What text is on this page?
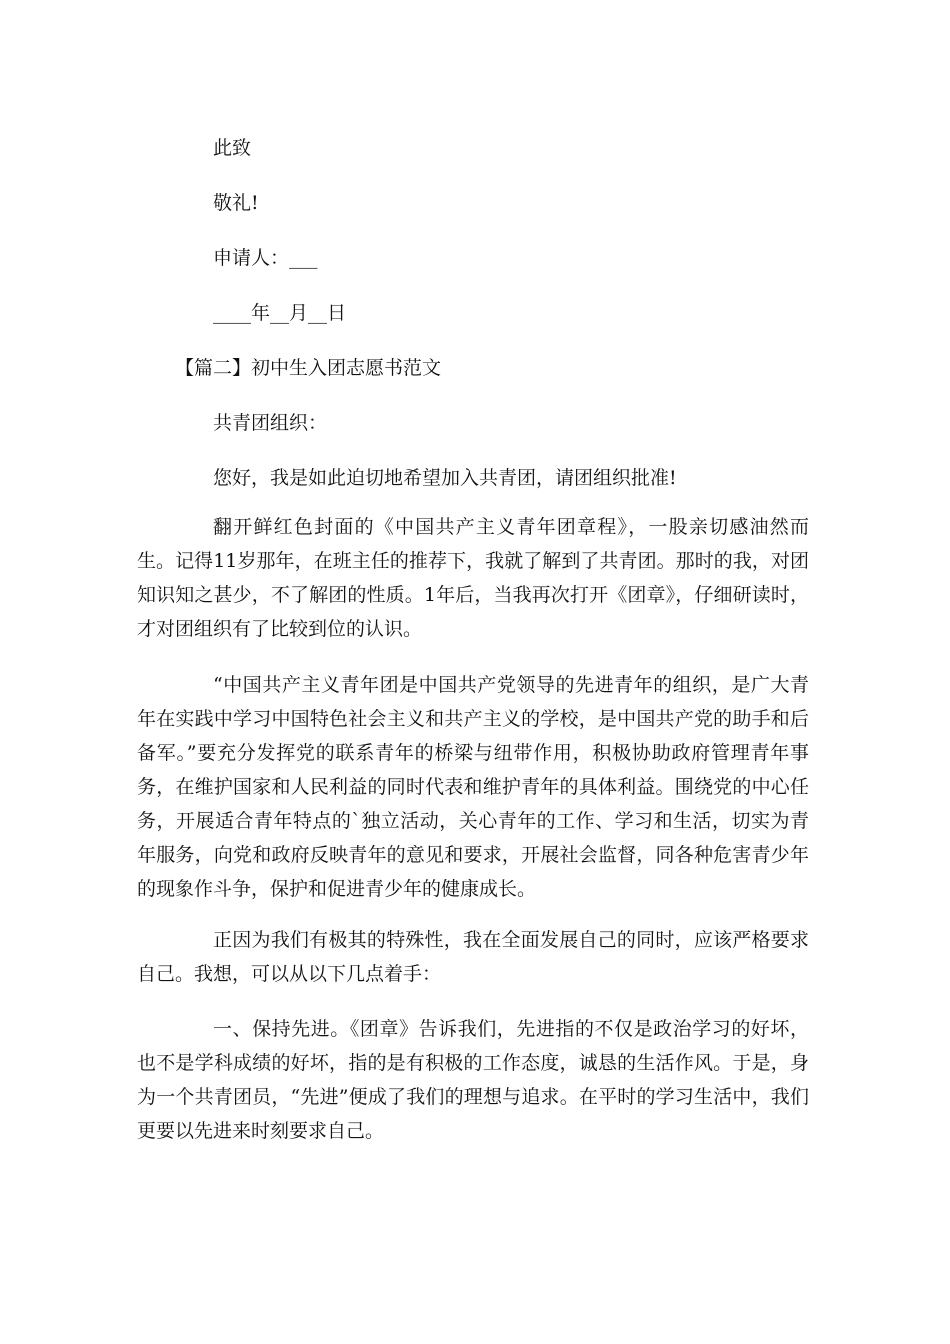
此致
敬礼!
申请人：___
____年__月__日
【篇二】初中生入团志愿书范文
共青团组织：
您好，我是如此迫切地希望加入共青团，请团组织批准!

翻开鲜红色封面的《中国共产主义青年团章程》，一股亲切感油然而生。记得11岁那年，在班主任的推荐下，我就了解到了共青团。那时的我，对团知识知之甚少，不了解团的性质。1年后，当我再次打开《团章》，仔细研读时，才对团组织有了比较到位的认识。

“中国共产主义青年团是中国共产党领导的先进青年的组织，是广大青年在实践中学习中国特色社会主义和共产主义的学校，是中国共产党的助手和后备军。”要充分发挥党的联系青年的桥梁与纽带作用，积极协助政府管理青年事务，在维护国家和人民利益的同时代表和维护青年的具体利益。围绕党的中心任务，开展适合青年特点的`独立活动，关心青年的工作、学习和生活，切实为青年服务，向党和政府反映青年的意见和要求，开展社会监督，同各种危害青少年的现象作斗争，保护和促进青少年的健康成长。

正因为我们有极其的特殊性，我在全面发展自己的同时，应该严格要求自己。我想，可以从以下几点着手：

一、保持先进。《团章》告诉我们，先进指的不仅是政治学习的好坏，也不是学科成绩的好坏，指的是有积极的工作态度，诚恳的生活作风。于是，身为一个共青团员，“先进”便成了我们的理想与追求。在平时的学习生活中，我们更要以先进来时刻要求自己。
